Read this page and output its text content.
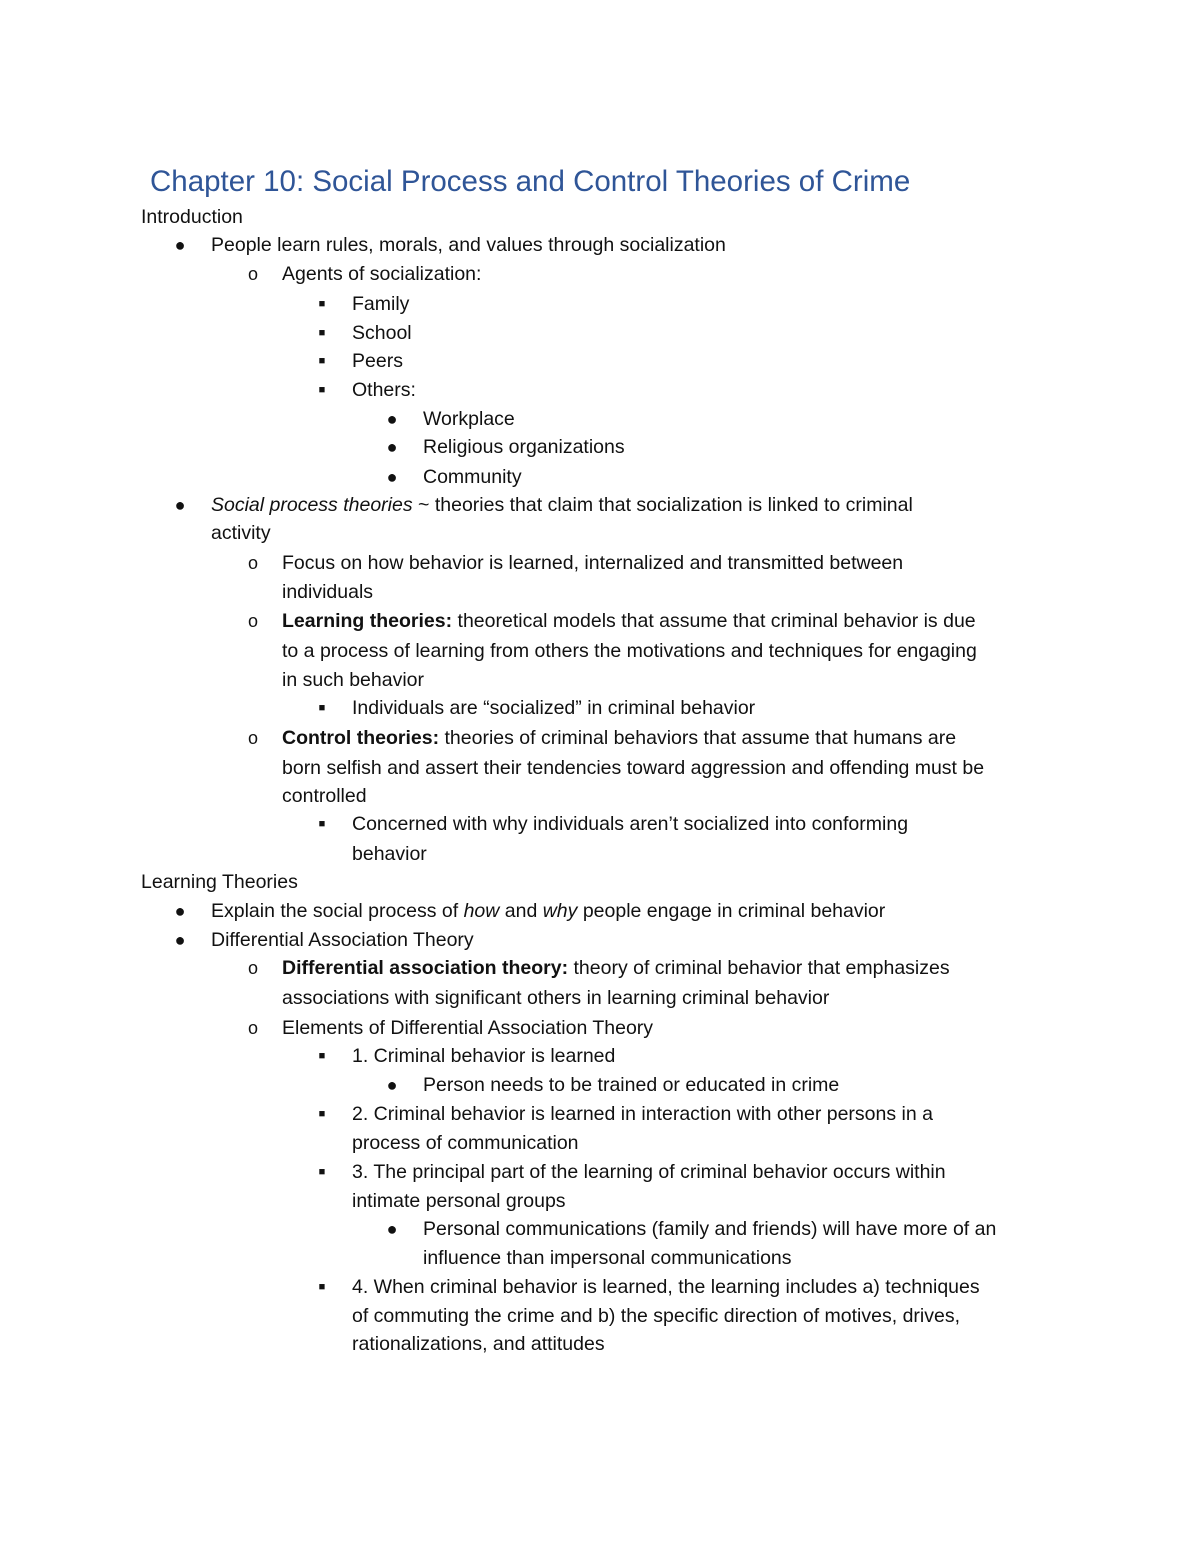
Chapter 10: Social Process and Control Theories of Crime
Introduction
● People learn rules, morals, and values through socialization
o Agents of socialization:
■ Family
■ School
■ Peers
■ Others:
● Workplace
● Religious organizations
● Community
● Social process theories ~ theories that claim that socialization is linked to criminal
activity
o Focus on how behavior is learned, internalized and transmitted between
individuals
o Learning theories: theoretical models that assume that criminal behavior is due
to a process of learning from others the motivations and techniques for engaging
in such behavior
■ Individuals are “socialized” in criminal behavior
o Control theories: theories of criminal behaviors that assume that humans are
born selfish and assert their tendencies toward aggression and offending must be
controlled
■ Concerned with why individuals aren’t socialized into conforming
behavior
Learning Theories
● Explain the social process of how and why people engage in criminal behavior
● Differential Association Theory
o Differential association theory: theory of criminal behavior that emphasizes
associations with significant others in learning criminal behavior
o Elements of Differential Association Theory
■ 1. Criminal behavior is learned
● Person needs to be trained or educated in crime
■ 2. Criminal behavior is learned in interaction with other persons in a
process of communication
■ 3. The principal part of the learning of criminal behavior occurs within
intimate personal groups
● Personal communications (family and friends) will have more of an
influence than impersonal communications
■ 4. When criminal behavior is learned, the learning includes a) techniques
of commuting the crime and b) the specific direction of motives, drives,
rationalizations, and attitudes
